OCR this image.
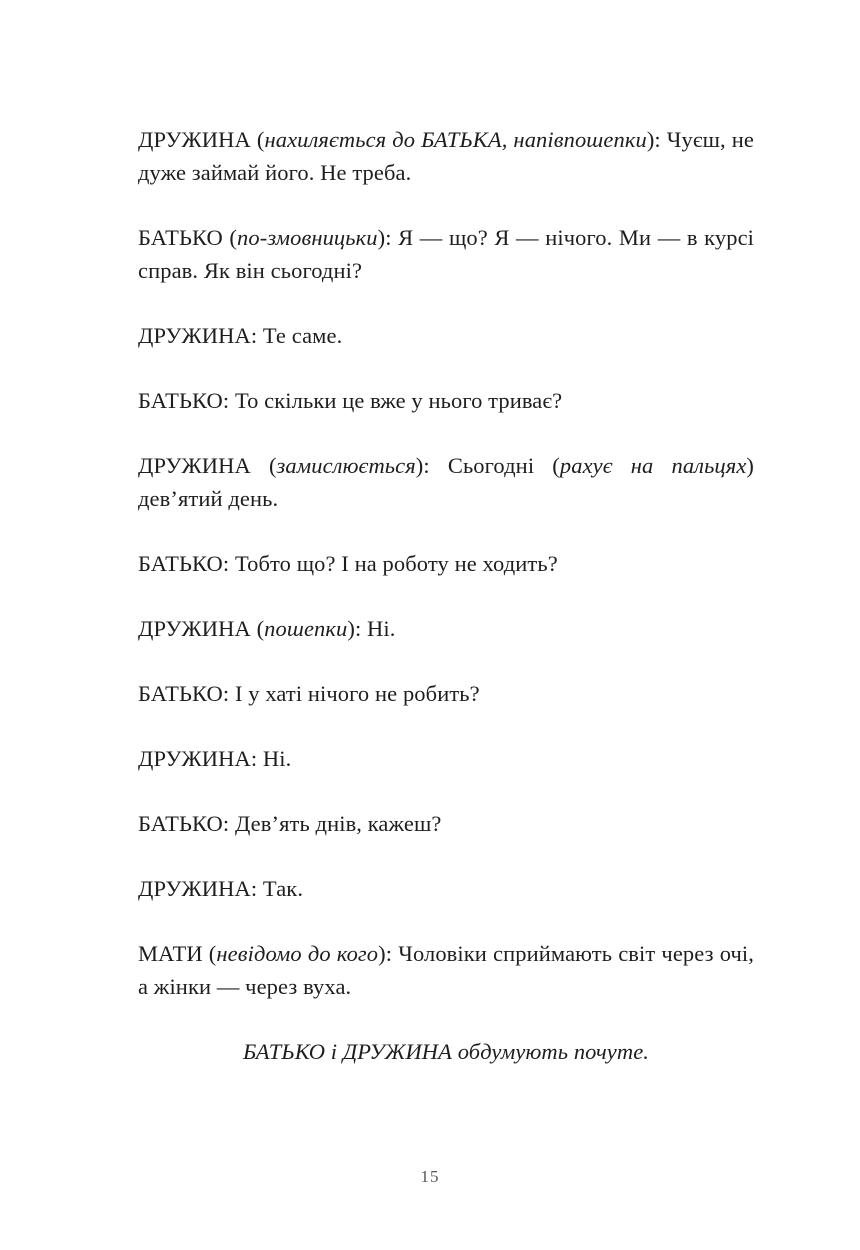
ДРУЖИНА (нахиляється до БАТЬКА, напівпошепки): Чуєш, не дуже займай його. Не треба.

БАТЬКО (по-змовницьки): Я — що? Я — нічого. Ми — в курсі справ. Як він сьогодні?

ДРУЖИНА: Те саме.

БАТЬКО: То скільки це вже у нього триває?

ДРУЖИНА (замислюється): Сьогодні (рахує на пальцях) дев’ятий день.

БАТЬКО: Тобто що? І на роботу не ходить?

ДРУЖИНА (пошепки): Ні.

БАТЬКО: І у хаті нічого не робить?

ДРУЖИНА: Ні.

БАТЬКО: Дев’ять днів, кажеш?

ДРУЖИНА: Так.

МАТИ (невідомо до кого): Чоловіки сприймають світ через очі, а жінки — через вуха.

БАТЬКО і ДРУЖИНА обдумують почуте.

15
